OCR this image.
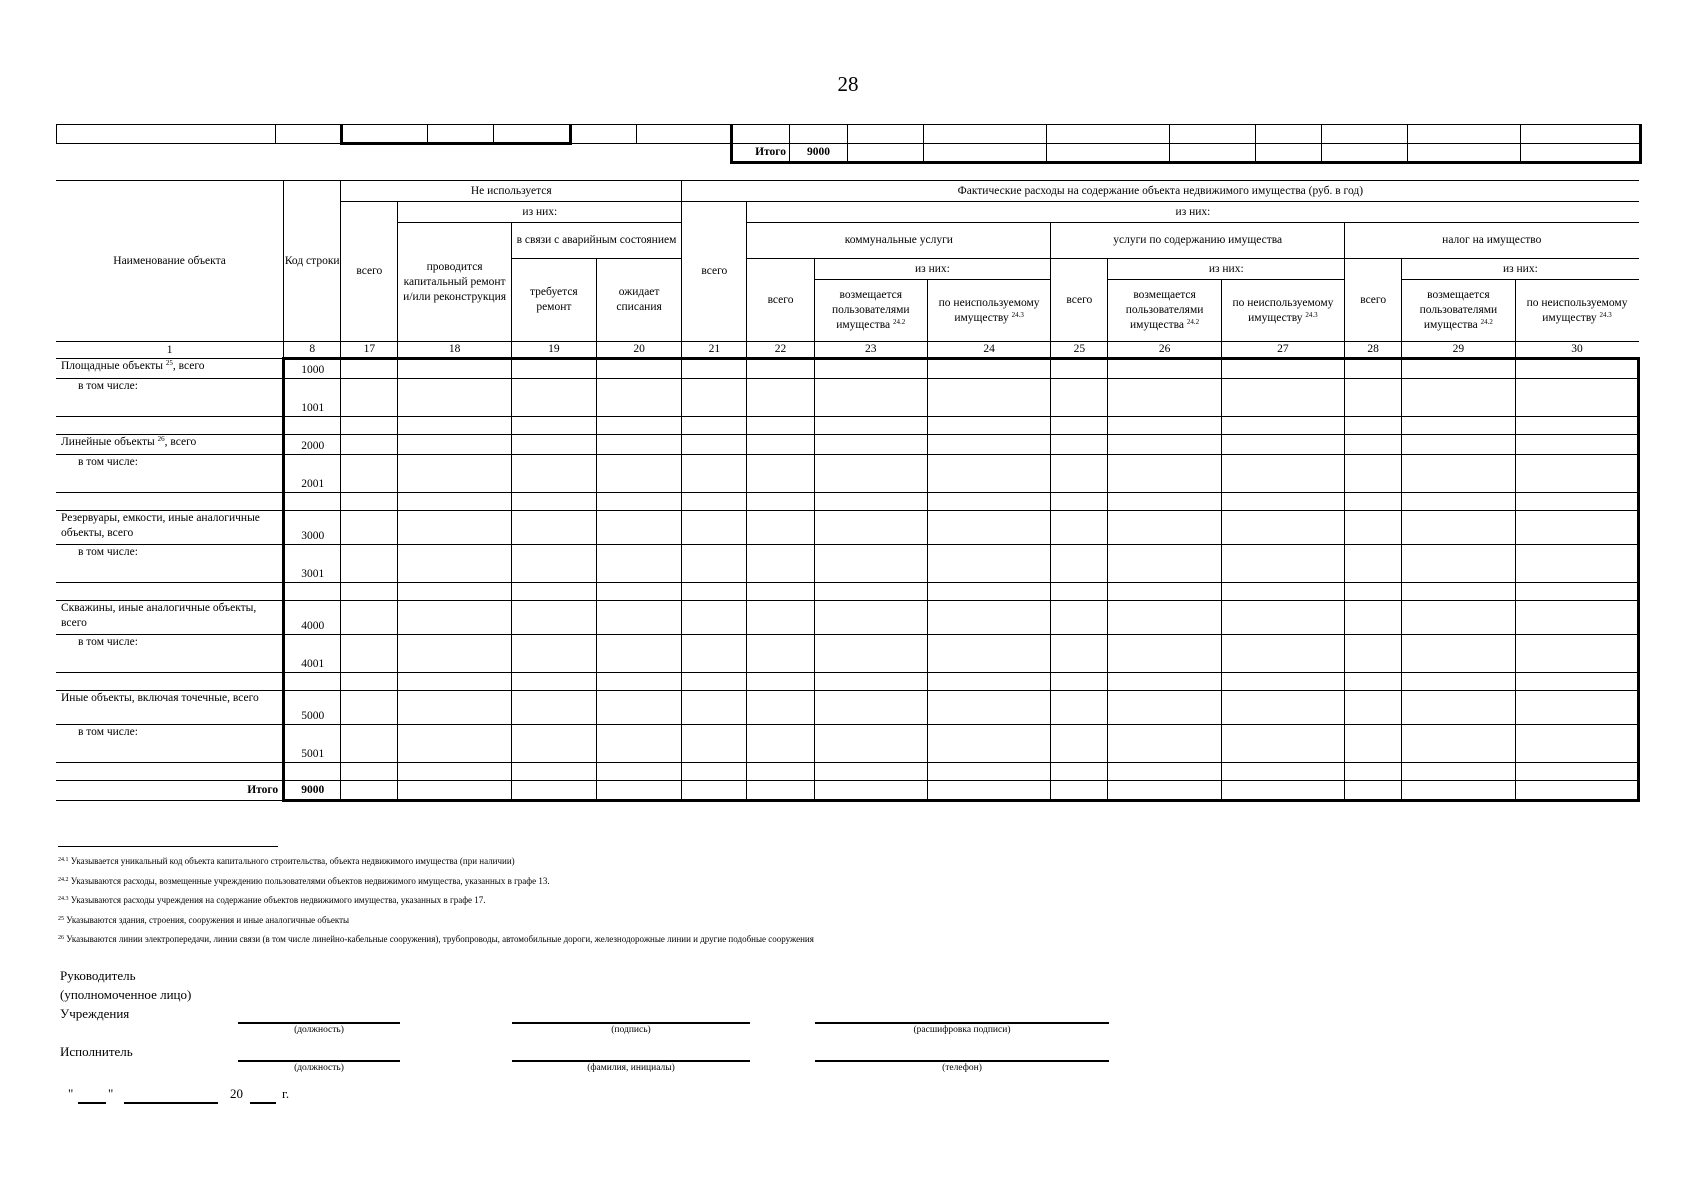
28

							Итого	9000								
Наименование объекта	Код строки	Не используется				Фактические расходы на содержание объекта недвижимого имущества (руб. в год)									
		всего	из них:			всего	из них:								
			проводится капитальный ремонт и/или реконструкция	в связи с аварийным состоянием			коммунальные услуги			услуги по содержанию имущества			налог на имущество		
				требуется ремонт	ожидает списания		всего	из них:		всего	из них:		всего	из них:	
								возмещается пользователями имущества $^{24.2}$	по неиспользуемому имуществу $^{24.3}$		возмещается пользователями имущества $^{24.2}$	по неиспользуемому имуществу $^{24.3}$		возмещается пользователями имущества $^{24.2}$	по неиспользуемому имуществу $^{24.3}$
1	8	17	18	19	20	21	22	23	24	25	26	27	28	29	30
Площадные объекты $^{25}$, всего	1000														
в том числе:	1001														

Линейные объекты $^{26}$, всего	2000														
в том числе:	2001														

Резервуары, емкости, иные аналогичные объекты, всего	3000														
в том числе:	3001														

Скважины, иные аналогичные объекты, всего	4000														
в том числе:	4001														

Иные объекты, включая точечные, всего	5000														
в том числе:	5001														

Итого	9000														
$^{24.1}$ Указывается уникальный код объекта капитального строительства, объекта недвижимого имущества (при наличии)
$^{24.2}$ Указываются расходы, возмещенные учреждению пользователями объектов недвижимого имущества, указанных в графе 13.
$^{24.3}$ Указываются расходы учреждения на содержание объектов недвижимого имущества, указанных в графе 17.
$^{25}$ Указываются здания, строения, сооружения и иные аналогичные объекты
$^{26}$ Указываются линии электропередачи, линии связи (в том числе линейно-кабельные сооружения), трубопроводы, автомобильные дороги, железнодорожные линии и другие подобные сооружения
Руководитель
(уполномоченное лицо)
Учреждения
(должность)	(подпись)	(расшифровка подписи)
Исполнитель
(должность)	(фамилия, инициалы)	(телефон)
"	"	20	г.
